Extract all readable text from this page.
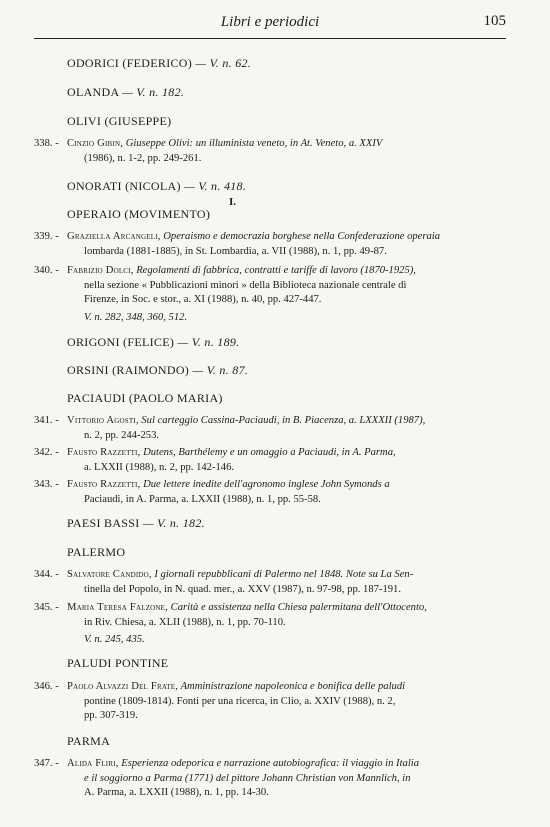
Libri e periodici	105
ODORICI (FEDERICO) — V. n. 62.
OLANDA — V. n. 182.
OLIVI (GIUSEPPE)
338. - Cinzio Gibin, Giuseppe Olivi: un illuminista veneto, in At. Veneto, a. XXIV
(1986), n. 1-2, pp. 249-261.
ONORATI (NICOLA) — V. n. 418.
I.
OPERAIO (MOVIMENTO)
339. - Graziella Arcangeli, Operaismo e democrazia borghese nella Confederazione operaia
lombarda (1881-1885), in St. Lombardia, a. VII (1988), n. 1, pp. 49-87.
340. - Fabrizio Dolci, Regolamenti di fabbrica, contratti e tariffe di lavoro (1870-1925),
nella sezione « Pubblicazioni minori » della Biblioteca nazionale centrale di
Firenze, in Soc. e stor., a. XI (1988), n. 40, pp. 427-447.
V. n. 282, 348, 360, 512.
ORIGONI (FELICE) — V. n. 189.
ORSINI (RAIMONDO) — V. n. 87.
PACIAUDI (PAOLO MARIA)
341. - Vittorio Agosti, Sul carteggio Cassina-Paciaudi, in B. Piacenza, a. LXXXII (1987),
n. 2, pp. 244-253.
342. - Fausto Razzetti, Dutens, Barthélemy e un omaggio a Paciaudi, in A. Parma,
a. LXXII (1988), n. 2, pp. 142-146.
343. - Fausto Razzetti, Due lettere inedite dell'agronomo inglese John Symonds a
Paciaudi, in A. Parma, a. LXXII (1988), n. 1, pp. 55-58.
PAESI BASSI — V. n. 182.
PALERMO
344. - Salvatore Candido, I giornali repubblicani di Palermo nel 1848. Note su La Sen-
tinella del Popolo, in N. quad. mer., a. XXV (1987), n. 97-98, pp. 187-191.
345. - Maria Teresa Falzone, Carità e assistenza nella Chiesa palermitana dell'Ottocento,
in Riv. Chiesa, a. XLII (1988), n. 1, pp. 70-110.
V. n. 245, 435.
PALUDI PONTINE
346. - Paolo Alvazzi Del Frate, Amministrazione napoleonica e bonifica delle paludi
pontine (1809-1814). Fonti per una ricerca, in Clio, a. XXIV (1988), n. 2,
pp. 307-319.
PARMA
347. - Alida Fliri, Esperienza odeporica e narrazione autobiografica: il viaggio in Italia
e il soggiorno a Parma (1771) del pittore Johann Christian von Mannlich, in
A. Parma, a. LXXII (1988), n. 1, pp. 14-30.
